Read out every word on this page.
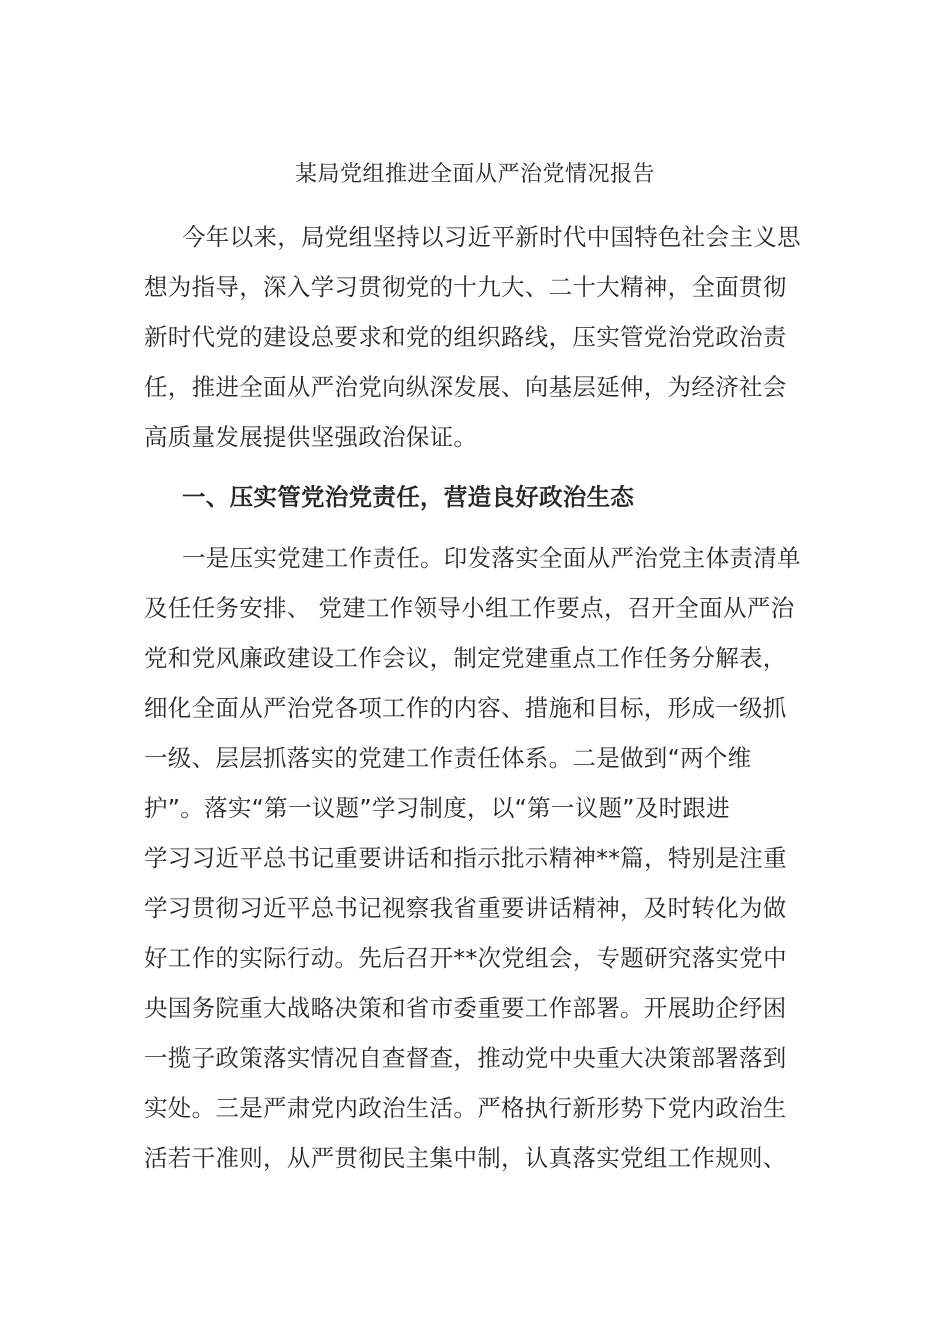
某局党组推进全面从严治党情况报告
今年以来，局党组坚持以习近平新时代中国特色社会主义思
想为指导，深入学习贯彻党的十九大、二十大精神，全面贯彻
新时代党的建设总要求和党的组织路线，压实管党治党政治责
任，推进全面从严治党向纵深发展、向基层延伸，为经济社会
高质量发展提供坚强政治保证。
一、压实管党治党责任，营造良好政治生态
一是压实党建工作责任。印发落实全面从严治党主体责清单
及任任务安排、 党建工作领导小组工作要点，召开全面从严治
党和党风廉政建设工作会议，制定党建重点工作任务分解表，
细化全面从严治党各项工作的内容、措施和目标，形成一级抓
一级、层层抓落实的党建工作责任体系。二是做到“两个维
护”。落实“第一议题”学习制度，以“第一议题”及时跟进
学习习近平总书记重要讲话和指示批示精神**篇，特别是注重
学习贯彻习近平总书记视察我省重要讲话精神，及时转化为做
好工作的实际行动。先后召开**次党组会，专题研究落实党中
央国务院重大战略决策和省市委重要工作部署。开展助企纾困
一揽子政策落实情况自查督查，推动党中央重大决策部署落到
实处。三是严肃党内政治生活。严格执行新形势下党内政治生
活若干准则，从严贯彻民主集中制，认真落实党组工作规则、
